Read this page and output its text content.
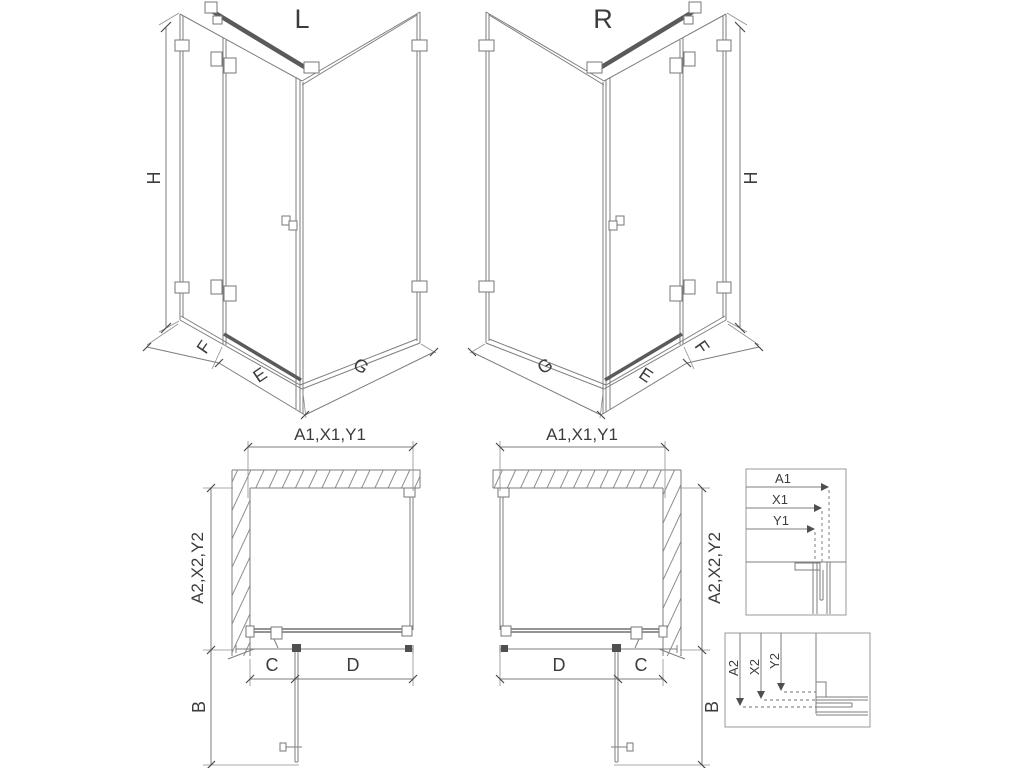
L
H
F
E	G
R
H
F
E
G
A1,X1,Y1
A2,X2,Y2
B
C	D
A1,X1,Y1
A2,X2,Y2
B
D	C
A1
X1
Y1
A2 X2 Y2
